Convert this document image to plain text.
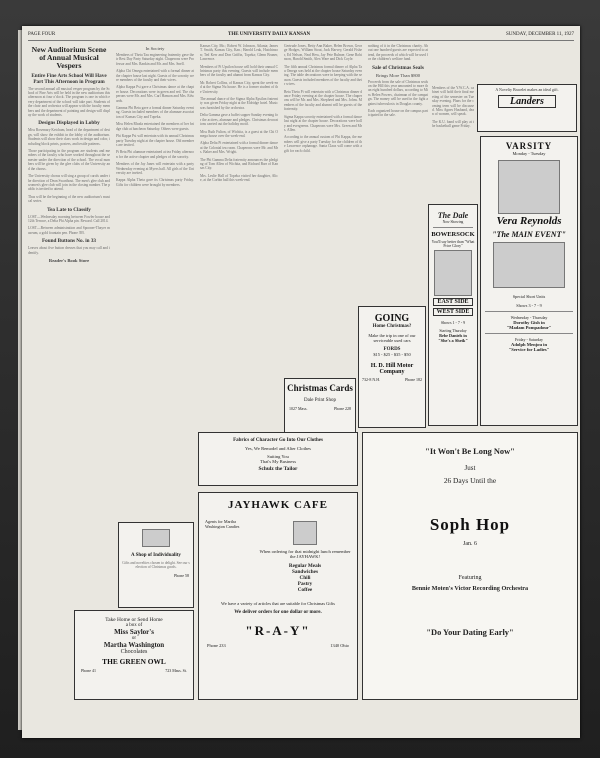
PAGE FOUR	THE UNIVERSITY DAILY KANSAN	SUNDAY, DECEMBER 11, 1927
New Auditorium Scene of Annual Musical Vespers
Entire Fine Arts School Will Have Part This Afternoon in Program

The second annual all musical vesper program by the School of Fine Arts will be held in the new auditorium this afternoon at four o'clock. The program is one in which every department of the school will take part. Students of the choir and orchestra will appear with the faculty members and the department of painting and design will display the work of students.

Designs Displayed in Lobby

Miss Rosemary Ketcham, head of the department of design, will show the exhibit in the lobby of the auditorium. Students will show their class work in design and color, including block prints, posters, and textile patterns.

Those participating in the program are students and members of the faculty who have worked throughout the semester under the direction of the school. The vocal numbers will be given by the glee clubs of the University and the chorus.

The University chorus will sing a group of carols under the direction of Dean Swarthout. The men's glee club and women's glee club will join in the closing number. The public is invited to attend.

Thus will be the beginning of the new auditorium's musical series.

Tea Late to Classify

LOST—Wednesday morning between Fowler house and 12th Terrace, a Delta Phi Alpha pin. Reward. Call 2014.

LOST—Between administration and Spooner-Thayer museum, a gold fountain pen. Phone 395.

Found Buttons No. in 33

Leaves about five button dresses that you may call and identify.

Reader's Book Store
In Society

Members of Theta Tau engineering fraternity gave their Rest Day Party Saturday night. Chaperons were Professor and Mrs. Rankin and Mr. and Mrs. Snell.

Alpha Chi Omega entertained with a formal dinner at the chapter house last night. Guests of the sorority were members of the faculty and their wives.

Alpha Kappa Psi gave a Christmas dance at the chapter house. Decorations were in green and red. The chaperons were Mr. and Mrs. Carl Hanson and Mrs. Edwards.

Gamma Phi Beta gave a formal dinner Saturday evening. Guests included members of the alumnae association of Kansas City and Topeka.

Miss Helen Rhoda entertained the members of her bridge club at luncheon Saturday. Others were guests.

Phi Kappa Psi will entertain with its annual Christmas party Tuesday night at the chapter house. Old members are invited.

Pi Beta Phi alumnae entertained at tea Friday afternoon for the active chapter and pledges of the sorority.

Members of the Jay Janes will entertain with a party Wednesday evening at Myers hall. All girls of the University are invited.

Kappa Alpha Theta gave its Christmas party Friday. Gifts for children were brought by members.

Kansas City, Mo.; Robert W. Johnson, Atlanta; James T. Smith, Kansas City, Kan.; Harold Leak, Hutchinson; Ted Kerr and Don Griffin, Topeka; Glenn Bruner, Lawrence.

Members of Pi Upsilon house will hold their annual Christmas party this evening. Guests will include members of the faculty and alumni from Kansas City.

Mr. Robert Collins, of Kansas City, spent the week-end at the Sigma Nu house. He is a former student of the University.

The annual dance of the Sigma Alpha Epsilon fraternity was given Friday night at the Eldridge hotel. Music was furnished by the orchestra.

Delta Gamma gave a buffet supper Sunday evening for the actives, alumnae and pledges. Christmas decorations carried out the holiday motif.

Miss Ruth Fulton, of Wichita, is a guest at the Chi Omega house over the week-end.

Alpha Delta Pi entertained with a formal dinner dance at the Colonial tea room. Chaperons were Mr. and Mrs. Baker and Mrs. Wright.

The Phi Gamma Delta fraternity announces the pledging of Tom Allen of Wichita, and Richard Barr of Kansas City.

Mrs. Leslie Hall of Topeka visited her daughter, Alice, at the Corbin hall this week-end.

Gertrude Jones, Betty Ann Baker, Helen Brown, George Hodges, William Stout, Jack Harvey, Gerald Fisher, Ed Nelson, Neal Hess, Jay Pete Bulmer, Gene Robinson, Harold Smith, Alex Ware and Dick Coyle.

The fifth annual Christmas formal dinner of Alpha Tau Omega was held at the chapter house Saturday evening. The table decorations were in keeping with the season. Guests included members of the faculty and their wives.

Beta Theta Pi will entertain with a Christmas dinner dance Friday evening at the chapter house. The chaperons will be Mr. and Mrs. Shepherd and Mrs. Johns. Members of the faculty and alumni will be guests of the fraternity.

Sigma Kappa sorority entertained with a formal dance last night at the chapter house. Decorations were holly and evergreens. Chaperons were Mrs. Green and Mrs. Allen.

According to the annual custom of Phi Kappa, the members will give a party Tuesday for the children of the Lawrence orphanage. Santa Claus will come with a gift for each child.

nothing of it in the Christmas charity. About one hundred guests are expected to attend, the proceeds of which will be used for the children's welfare fund.

Sale of Christmas Seals
Brings More Than $800

Proceeds from the sale of Christmas seals on the Hill this year amounted to more than eight hundred dollars, according to Miss Helen Powers, chairman of the campaign. The money will be used in the fight against tuberculosis in Douglas county.

Each organized house on the campus participated in the sale.

A Novelty Bracelet makes an ideal gift.
Landers

Members of the Y.W.C.A. cabinet will hold their final meeting of the semester on Tuesday evening. Plans for the coming term will be discussed. Miss Agnes Husband, dean of women, will speak.

The K.U. band will play at the basketball game Friday.

Christmas Cards
Dale Print Shop
1027 Mass.	Phone 228
GOING
Home Christmas?
Make the trip in one of our serviceable used cars
FORDS
$15 - $25 - $35 - $50
H. D. Hill Motor Company
732-8 N.H.	Phone 182
The Dale
Now Showing
BOWERSOCK
You'll say better than "What Price Glory"
EAST SIDE
WEST SIDE
Shows 1 - 7 - 9
Starting Thursday
Bebe Daniels in
"She's a Sheik"
VARSITY
Monday - Tuesday
Vera Reynolds
"The MAIN EVENT"
Special Short Units
Shows 3 - 7 - 9
Wednesday - Thursday
Dorothy Gish in
"Madam Pompadour"
Friday - Saturday
Adolph Menjou in
"Service for Ladies"
Fabrics of Character Go Into Our Clothes
Yes, We Remodel and Alter Clothes
Suiting You
That's My Business
Schulz the Tailor
A Shop of Individuality
Gifts and novelties chosen to delight. See our selection of Christmas goods.
Phone 58
Take Home or Send Home
a box of
Miss Saylor's
or
Martha Washington
Chocolates
THE GREEN OWL
Phone 41	723 Mass. St.
JAYHAWK CAFE
Agents for Martha Washington Candies
When ordering for that midnight lunch remember the JAYHAWK!
Regular Meals
Sandwiches
Chili
Pastry
Coffee
We have a variety of articles that are suitable for Christmas Gifts
We deliver orders for one dollar or more.
"R-A-Y"
Phone 233	1340 Ohio
"It Won't Be Long Now"
Just
26 Days Until the
Soph Hop
Jan. 6
Featuring
Bennie Moten's Victor Recording Orchestra
"Do Your Dating Early"
